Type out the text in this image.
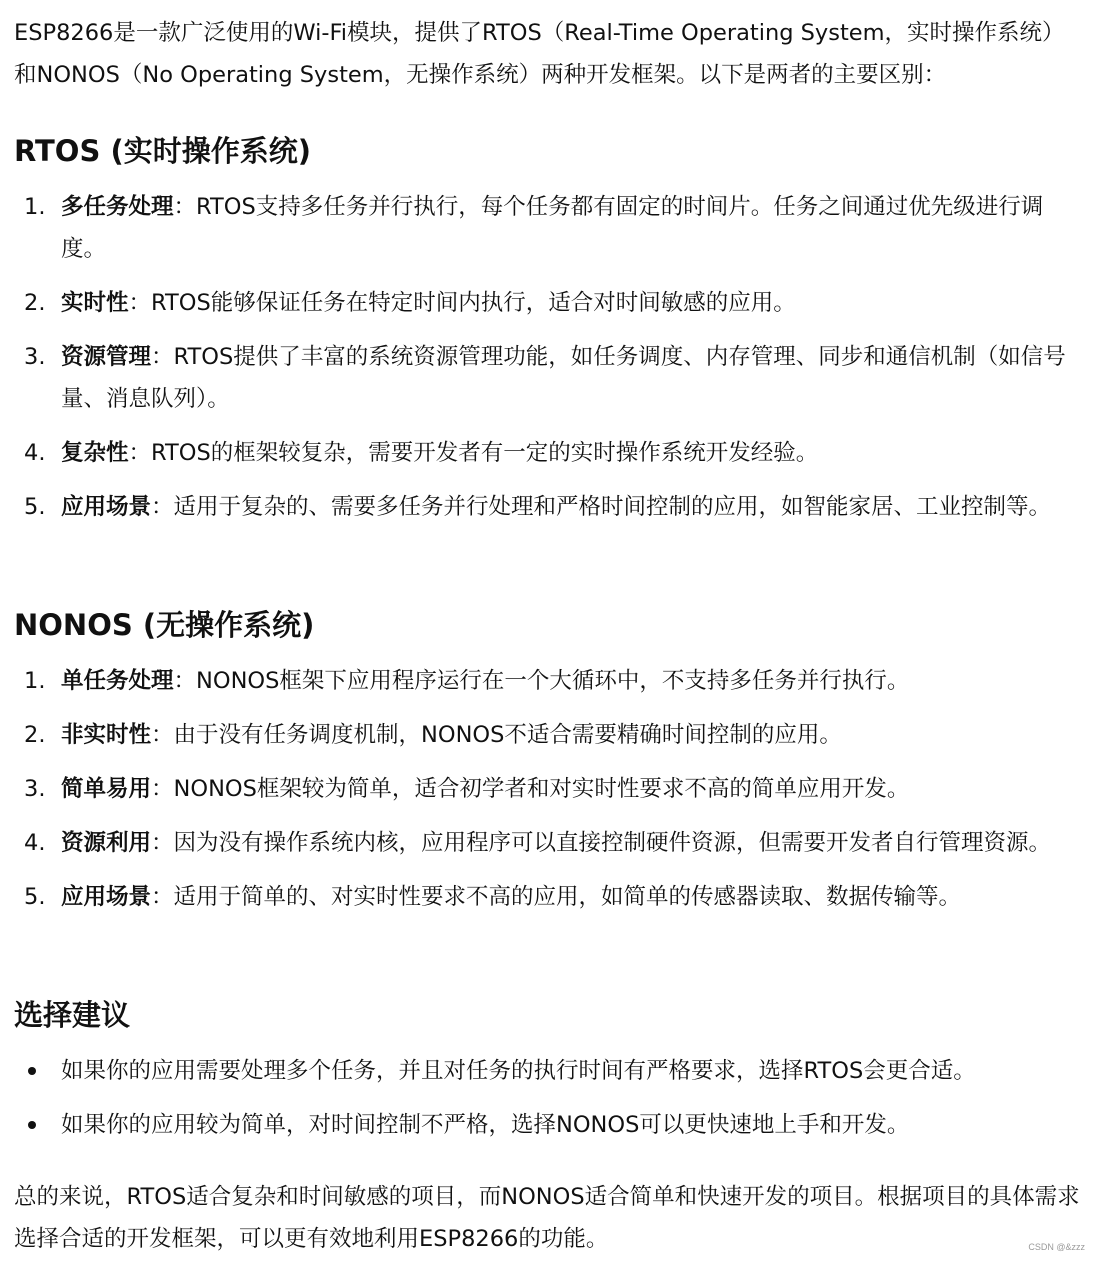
ESP8266是一款广泛使用的Wi-Fi模块，提供了RTOS（Real-Time Operating System，实时操作系统）和NONOS（No Operating System，无操作系统）两种开发框架。以下是两者的主要区别：

RTOS (实时操作系统)
1. 多任务处理：RTOS支持多任务并行执行，每个任务都有固定的时间片。任务之间通过优先级进行调度。
2. 实时性：RTOS能够保证任务在特定时间内执行，适合对时间敏感的应用。
3. 资源管理：RTOS提供了丰富的系统资源管理功能，如任务调度、内存管理、同步和通信机制（如信号量、消息队列）。
4. 复杂性：RTOS的框架较复杂，需要开发者有一定的实时操作系统开发经验。
5. 应用场景：适用于复杂的、需要多任务并行处理和严格时间控制的应用，如智能家居、工业控制等。
NONOS (无操作系统)
1. 单任务处理：NONOS框架下应用程序运行在一个大循环中，不支持多任务并行执行。
2. 非实时性：由于没有任务调度机制，NONOS不适合需要精确时间控制的应用。
3. 简单易用：NONOS框架较为简单，适合初学者和对实时性要求不高的简单应用开发。
4. 资源利用：因为没有操作系统内核，应用程序可以直接控制硬件资源，但需要开发者自行管理资源。
5. 应用场景：适用于简单的、对实时性要求不高的应用，如简单的传感器读取、数据传输等。
选择建议
如果你的应用需要处理多个任务，并且对任务的执行时间有严格要求，选择RTOS会更合适。
如果你的应用较为简单，对时间控制不严格，选择NONOS可以更快速地上手和开发。

总的来说，RTOS适合复杂和时间敏感的项目，而NONOS适合简单和快速开发的项目。根据项目的具体需求选择合适的开发框架，可以更有效地利用ESP8266的功能。	CSDN @&zzz
